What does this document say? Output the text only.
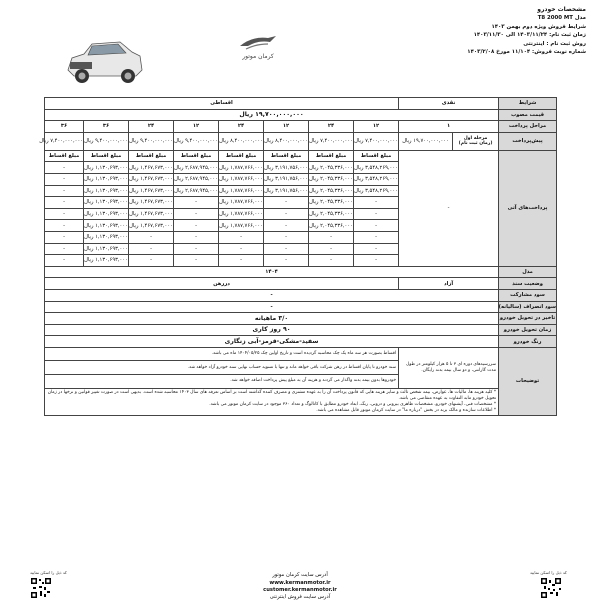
کرمان موتور
مشخصات خودرو
مدل T8 2000 MT
شرایط فروش ویژه دوم بهمن ۱۴۰۳
زمان ثبت نام: ۱۴۰۳/۱۱/۲۴ الی ۱۴۰۳/۱۱/۳۰
روش ثبت نام : اینترنتی
شماره نوبت فروش: ۱۱/۱۰۴ مورخ ۱۴۰۳/۲/۰۸
شرایط	نقدی		اقساطی							
قیمت مصوب	۱۹,۷۰۰,۰۰۰,۰۰۰ ریال									
مراحل پرداخت	۱		۱۲	۲۴	۱۲	۲۴	۱۲	۲۴	۳۶	۳۶
پیش‌پرداخت	مرحله اول
(زمان ثبت نام)	۱۹,۷۰۰,۰۰۰,۰۰۰ ریال	۷,۴۰۰,۰۰۰,۰۰۰ ریال	۷,۴۰۰,۰۰۰,۰۰۰ ریال	۸,۴۰۰,۰۰۰,۰۰۰ ریال	۸,۴۰۰,۰۰۰,۰۰۰ ریال	۹,۴۰۰,۰۰۰,۰۰۰ ریال	۹,۴۰۰,۰۰۰,۰۰۰ ریال	۹,۴۰۰,۰۰۰,۰۰۰ ریال	۷,۴۰۰,۰۰۰,۰۰۰ ریال
پرداخت‌های آتی	-		مبلغ اقساط	مبلغ اقساط	مبلغ اقساط	مبلغ اقساط	مبلغ اقساط	مبلغ اقساط	مبلغ اقساط	مبلغ اقساط
			۳,۵۴۸,۲۶۹,۰۰۰ ریال	۲,۰۴۵,۳۳۶,۰۰۰ ریال	۳,۱۹۱,۷۵۶,۰۰۰ ریال	۱,۷۸۷,۷۶۶,۰۰۰ ریال	۲,۶۸۷,۹۴۵,۰۰۰ ریال	۱,۴۶۷,۶۷۳,۰۰۰ ریال	۱,۱۳۰,۶۹۳,۰۰۰ ریال	-
			۳,۵۴۸,۲۶۹,۰۰۰ ریال	۲,۰۴۵,۳۳۶,۰۰۰ ریال	۳,۱۹۱,۷۵۶,۰۰۰ ریال	۱,۷۸۷,۷۶۶,۰۰۰ ریال	۲,۶۸۷,۹۴۵,۰۰۰ ریال	۱,۴۶۷,۶۷۳,۰۰۰ ریال	۱,۱۳۰,۶۹۳,۰۰۰ ریال	-
			۳,۵۴۸,۲۶۹,۰۰۰ ریال	۲,۰۴۵,۳۳۶,۰۰۰ ریال	۳,۱۹۱,۷۵۶,۰۰۰ ریال	۱,۷۸۷,۷۶۶,۰۰۰ ریال	۲,۶۸۷,۹۴۵,۰۰۰ ریال	۱,۴۶۷,۶۷۳,۰۰۰ ریال	۱,۱۳۰,۶۹۳,۰۰۰ ریال	-
			-	۲,۰۴۵,۳۳۶,۰۰۰ ریال	-	۱,۷۸۷,۷۶۶,۰۰۰ ریال	-	۱,۴۶۷,۶۷۳,۰۰۰ ریال	۱,۱۳۰,۶۹۳,۰۰۰ ریال	-
			-	۲,۰۴۵,۳۳۶,۰۰۰ ریال	-	۱,۷۸۷,۷۶۶,۰۰۰ ریال	-	۱,۴۶۷,۶۷۳,۰۰۰ ریال	۱,۱۳۰,۶۹۳,۰۰۰ ریال	-
			-	۲,۰۴۵,۳۳۶,۰۰۰ ریال	-	۱,۷۸۷,۷۶۶,۰۰۰ ریال	-	۱,۴۶۷,۶۷۳,۰۰۰ ریال	۱,۱۳۰,۶۹۳,۰۰۰ ریال	-
			-	-	-	-	-	-	۱,۱۳۰,۶۹۳,۰۰۰ ریال	-
			-	-	-	-	-	-	۱,۱۳۰,۶۹۳,۰۰۰ ریال	-
			-	-	-	-	-	-	۱,۱۳۰,۶۹۳,۰۰۰ ریال	-
مدل	۱۴۰۴									
وضعیت سند	آزاد		دررهن							
سود مشارکت	-									
سود انصراف (سالیانه)	-									
تاخیر در تحویل خودرو	۳/۰ ماهیانه									
زمان تحویل خودرو	۹۰ روز کاری									
رنگ خودرو	سفید-مشکی-قرمز-آبی زنگاری									
توضیحات	سررسیدهای دوره ای ۳ تا ۵ هزار کیلومتر در طول مدت گارانتی، و دو سال بیمه بدنه رایگان.		اقساط بصورت هر سه ماه یک چک محاسبه گردیده است و تاریخ اولین چک ۱۴۰۴/۰۵/۲۵ ماه می باشد.							
			سند خودرو تا پایان اقساط در رهن شرکت باقی خواهد ماند و تنها با تسویه حساب نهایی سند خودرو آزاد خواهد شد.							
			خودروها بدون بیمه بدنه واگذار می گردند و هزینه آن به مبلغ پیش پرداخت اضافه خواهد شد.							

	* کلیه هزینه ها، مالیات ها، عوارض، بیمه شخص ثالث و سایر هزینه هایی که قانون پرداخت آن را به عهده مشتری و مصرف کننده گذاشته است بر اساس تعرفه های سال ۱۴۰۳ محاسبه شده است. بدیهی است در صورت تغییر قوانین و نرخها در زمان تحویل خودرو مابه التفاوت به عهده متقاضی می باشد.
* مشخصات فنی، آپشنهای خودرو، مشخصات ظاهری بیرونی و درونی، رنگ، ابعاد خودرو مطابق با کاتالوگ و تعداد ۳۶۰ موجود در سایت کرمان موتور می باشد.
* اطلاعات سازنده و مالک برند در بخش "درباره ما" در سایت کرمان موتور قابل مشاهده می باشد.									
کد ذیل را اسکن نمایید	کد ذیل را اسکن نمایید
آدرس سایت کرمان موتور
www.kermanmotor.ir
customer.kermanmotor.ir
آدرس سایت فروش اینترنتی
